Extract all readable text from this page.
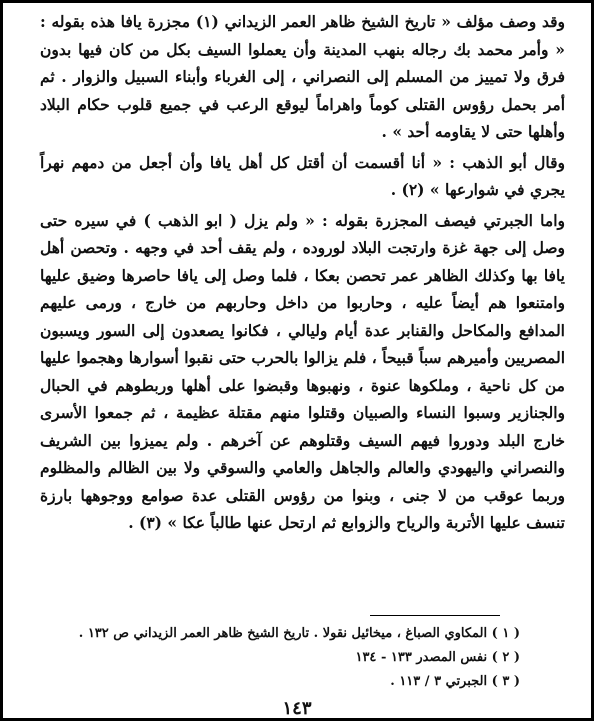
وقد وصف مؤلف « تاريخ الشيخ ظاهر العمر الزيداني (١) مجزرة يافا هذه بقوله : « وأمر محمد بك رجاله بنهب المدينة وأن يعملوا السيف بكل من كان فيها بدون فرق ولا تمييز من المسلم إلى النصراني ، إلى الغرباء وأبناء السبيل والزوار . ثم أمر بحمل رؤوس القتلى كوماً واهراماً ليوقع الرعب في جميع قلوب حكام البلاد وأهلها حتى لا يقاومه أحد » .

وقال أبو الذهب : « أنا أقسمت أن أقتل كل أهل يافا وأن أجعل من دمهم نهراً يجري في شوارعها » (٢) .

واما الجبرتي فيصف المجزرة بقوله : « ولم يزل ( ابو الذهب ) في سيره حتى وصل إلى جهة غزة وارتجت البلاد لوروده ، ولم يقف أحد في وجهه . وتحصن أهل يافا بها وكذلك الظاهر عمر تحصن بعكا ، فلما وصل إلى يافا حاصرها وضيق عليها وامتنعوا هم أيضاً عليه ، وحاربوا من داخل وحاربهم من خارج ، ورمى عليهم المدافع والمكاحل والقنابر عدة أيام وليالي ، فكانوا يصعدون إلى السور ويسبون المصريين وأميرهم سباً قبيحاً ، فلم يزالوا بالحرب حتى نقبوا أسوارها وهجموا عليها من كل ناحية ، وملكوها عنوة ، ونهبوها وقبضوا على أهلها وربطوهم في الحبال والجنازير وسبوا النساء والصبيان وقتلوا منهم مقتلة عظيمة ، ثم جمعوا الأسرى خارج البلد ودوروا فيهم السيف وقتلوهم عن آخرهم . ولم يميزوا بين الشريف والنصراني واليهودي والعالم والجاهل والعامي والسوقي ولا بين الظالم والمظلوم وربما عوقب من لا جنى ، وبنوا من رؤوس القتلى عدة صوامع ووجوهها بارزة تنسف عليها الأتربة والرياح والزوابع ثم ارتحل عنها طالباً عكا » (٣) .

( ١ ) المكاوي الصباغ ، ميخائيل نقولا . تاريخ الشيخ ظاهر العمر الزيداني ص ١٣٢ .
( ٢ ) نفس المصدر ١٣٣ - ١٣٤
( ٣ ) الجبرتي ٣ / ١١٣ .
١٤٣
